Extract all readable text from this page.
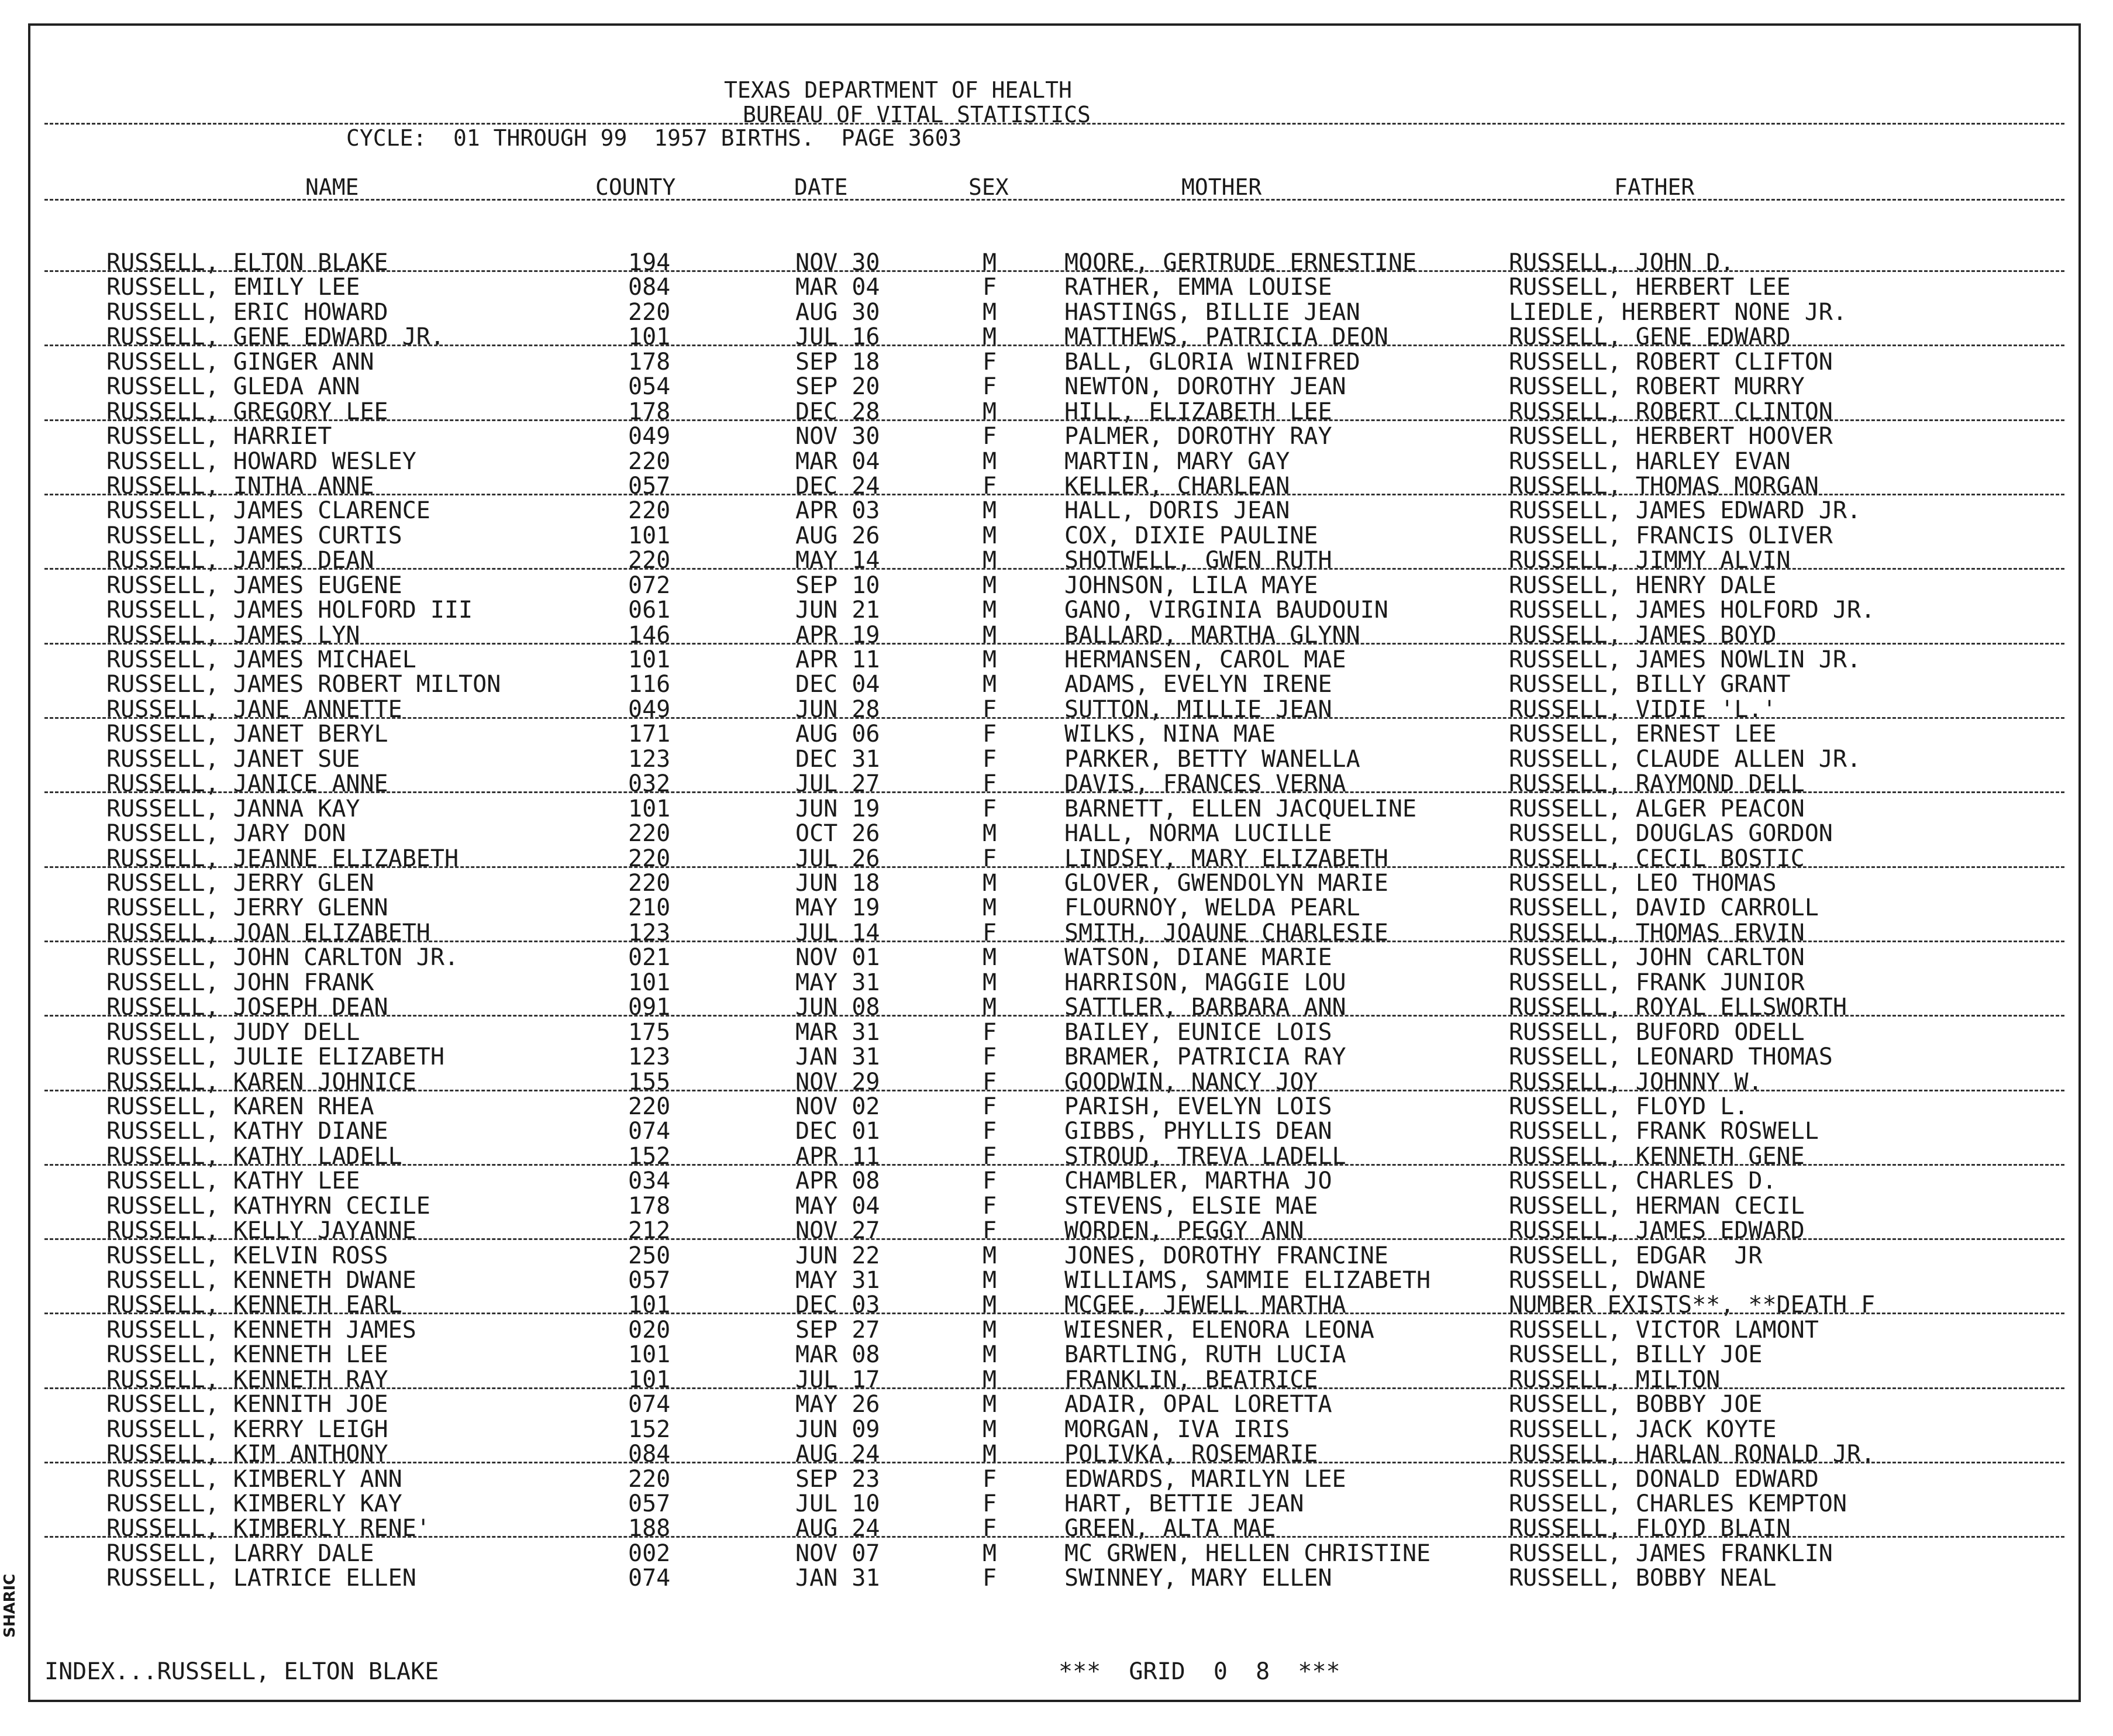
SHARIC
TEXAS DEPARTMENT OF HEALTH
BUREAU OF VITAL STATISTICS
CYCLE:  01 THROUGH 99  1957 BIRTHS.  PAGE 3603
NAME	COUNTY	DATE	SEX	MOTHER	FATHER
RUSSELL, ELTON BLAKE	194	NOV 30	M	MOORE, GERTRUDE ERNESTINE	RUSSELL, JOHN D.
RUSSELL, EMILY LEE	084	MAR 04	F	RATHER, EMMA LOUISE	RUSSELL, HERBERT LEE
RUSSELL, ERIC HOWARD	220	AUG 30	M	HASTINGS, BILLIE JEAN	LIEDLE, HERBERT NONE JR.
RUSSELL, GENE EDWARD JR.	101	JUL 16	M	MATTHEWS, PATRICIA DEON	RUSSELL, GENE EDWARD
RUSSELL, GINGER ANN	178	SEP 18	F	BALL, GLORIA WINIFRED	RUSSELL, ROBERT CLIFTON
RUSSELL, GLEDA ANN	054	SEP 20	F	NEWTON, DOROTHY JEAN	RUSSELL, ROBERT MURRY
RUSSELL, GREGORY LEE	178	DEC 28	M	HILL, ELIZABETH LEE	RUSSELL, ROBERT CLINTON
RUSSELL, HARRIET	049	NOV 30	F	PALMER, DOROTHY RAY	RUSSELL, HERBERT HOOVER
RUSSELL, HOWARD WESLEY	220	MAR 04	M	MARTIN, MARY GAY	RUSSELL, HARLEY EVAN
RUSSELL, INTHA ANNE	057	DEC 24	F	KELLER, CHARLEAN	RUSSELL, THOMAS MORGAN
RUSSELL, JAMES CLARENCE	220	APR 03	M	HALL, DORIS JEAN	RUSSELL, JAMES EDWARD JR.
RUSSELL, JAMES CURTIS	101	AUG 26	M	COX, DIXIE PAULINE	RUSSELL, FRANCIS OLIVER
RUSSELL, JAMES DEAN	220	MAY 14	M	SHOTWELL, GWEN RUTH	RUSSELL, JIMMY ALVIN
RUSSELL, JAMES EUGENE	072	SEP 10	M	JOHNSON, LILA MAYE	RUSSELL, HENRY DALE
RUSSELL, JAMES HOLFORD III	061	JUN 21	M	GANO, VIRGINIA BAUDOUIN	RUSSELL, JAMES HOLFORD JR.
RUSSELL, JAMES LYN	146	APR 19	M	BALLARD, MARTHA GLYNN	RUSSELL, JAMES BOYD
RUSSELL, JAMES MICHAEL	101	APR 11	M	HERMANSEN, CAROL MAE	RUSSELL, JAMES NOWLIN JR.
RUSSELL, JAMES ROBERT MILTON	116	DEC 04	M	ADAMS, EVELYN IRENE	RUSSELL, BILLY GRANT
RUSSELL, JANE ANNETTE	049	JUN 28	F	SUTTON, MILLIE JEAN	RUSSELL, VIDIE 'L.'
RUSSELL, JANET BERYL	171	AUG 06	F	WILKS, NINA MAE	RUSSELL, ERNEST LEE
RUSSELL, JANET SUE	123	DEC 31	F	PARKER, BETTY WANELLA	RUSSELL, CLAUDE ALLEN JR.
RUSSELL, JANICE ANNE	032	JUL 27	F	DAVIS, FRANCES VERNA	RUSSELL, RAYMOND DELL
RUSSELL, JANNA KAY	101	JUN 19	F	BARNETT, ELLEN JACQUELINE	RUSSELL, ALGER PEACON
RUSSELL, JARY DON	220	OCT 26	M	HALL, NORMA LUCILLE	RUSSELL, DOUGLAS GORDON
RUSSELL, JEANNE ELIZABETH	220	JUL 26	F	LINDSEY, MARY ELIZABETH	RUSSELL, CECIL BOSTIC
RUSSELL, JERRY GLEN	220	JUN 18	M	GLOVER, GWENDOLYN MARIE	RUSSELL, LEO THOMAS
RUSSELL, JERRY GLENN	210	MAY 19	M	FLOURNOY, WELDA PEARL	RUSSELL, DAVID CARROLL
RUSSELL, JOAN ELIZABETH	123	JUL 14	F	SMITH, JOAUNE CHARLESIE	RUSSELL, THOMAS ERVIN
RUSSELL, JOHN CARLTON JR.	021	NOV 01	M	WATSON, DIANE MARIE	RUSSELL, JOHN CARLTON
RUSSELL, JOHN FRANK	101	MAY 31	M	HARRISON, MAGGIE LOU	RUSSELL, FRANK JUNIOR
RUSSELL, JOSEPH DEAN	091	JUN 08	M	SATTLER, BARBARA ANN	RUSSELL, ROYAL ELLSWORTH
RUSSELL, JUDY DELL	175	MAR 31	F	BAILEY, EUNICE LOIS	RUSSELL, BUFORD ODELL
RUSSELL, JULIE ELIZABETH	123	JAN 31	F	BRAMER, PATRICIA RAY	RUSSELL, LEONARD THOMAS
RUSSELL, KAREN JOHNICE	155	NOV 29	F	GOODWIN, NANCY JOY	RUSSELL, JOHNNY W.
RUSSELL, KAREN RHEA	220	NOV 02	F	PARISH, EVELYN LOIS	RUSSELL, FLOYD L.
RUSSELL, KATHY DIANE	074	DEC 01	F	GIBBS, PHYLLIS DEAN	RUSSELL, FRANK ROSWELL
RUSSELL, KATHY LADELL	152	APR 11	F	STROUD, TREVA LADELL	RUSSELL, KENNETH GENE
RUSSELL, KATHY LEE	034	APR 08	F	CHAMBLER, MARTHA JO	RUSSELL, CHARLES D.
RUSSELL, KATHYRN CECILE	178	MAY 04	F	STEVENS, ELSIE MAE	RUSSELL, HERMAN CECIL
RUSSELL, KELLY JAYANNE	212	NOV 27	F	WORDEN, PEGGY ANN	RUSSELL, JAMES EDWARD
RUSSELL, KELVIN ROSS	250	JUN 22	M	JONES, DOROTHY FRANCINE	RUSSELL, EDGAR  JR
RUSSELL, KENNETH DWANE	057	MAY 31	M	WILLIAMS, SAMMIE ELIZABETH	RUSSELL, DWANE
RUSSELL, KENNETH EARL	101	DEC 03	M	MCGEE, JEWELL MARTHA	NUMBER EXISTS**, **DEATH F
RUSSELL, KENNETH JAMES	020	SEP 27	M	WIESNER, ELENORA LEONA	RUSSELL, VICTOR LAMONT
RUSSELL, KENNETH LEE	101	MAR 08	M	BARTLING, RUTH LUCIA	RUSSELL, BILLY JOE
RUSSELL, KENNETH RAY	101	JUL 17	M	FRANKLIN, BEATRICE	RUSSELL, MILTON
RUSSELL, KENNITH JOE	074	MAY 26	M	ADAIR, OPAL LORETTA	RUSSELL, BOBBY JOE
RUSSELL, KERRY LEIGH	152	JUN 09	M	MORGAN, IVA IRIS	RUSSELL, JACK KOYTE
RUSSELL, KIM ANTHONY	084	AUG 24	M	POLIVKA, ROSEMARIE	RUSSELL, HARLAN RONALD JR.
RUSSELL, KIMBERLY ANN	220	SEP 23	F	EDWARDS, MARILYN LEE	RUSSELL, DONALD EDWARD
RUSSELL, KIMBERLY KAY	057	JUL 10	F	HART, BETTIE JEAN	RUSSELL, CHARLES KEMPTON
RUSSELL, KIMBERLY RENE'	188	AUG 24	F	GREEN, ALTA MAE	RUSSELL, FLOYD BLAIN
RUSSELL, LARRY DALE	002	NOV 07	M	MC GRWEN, HELLEN CHRISTINE	RUSSELL, JAMES FRANKLIN
RUSSELL, LATRICE ELLEN	074	JAN 31	F	SWINNEY, MARY ELLEN	RUSSELL, BOBBY NEAL
INDEX...RUSSELL, ELTON BLAKE	***  GRID  0  8  ***
